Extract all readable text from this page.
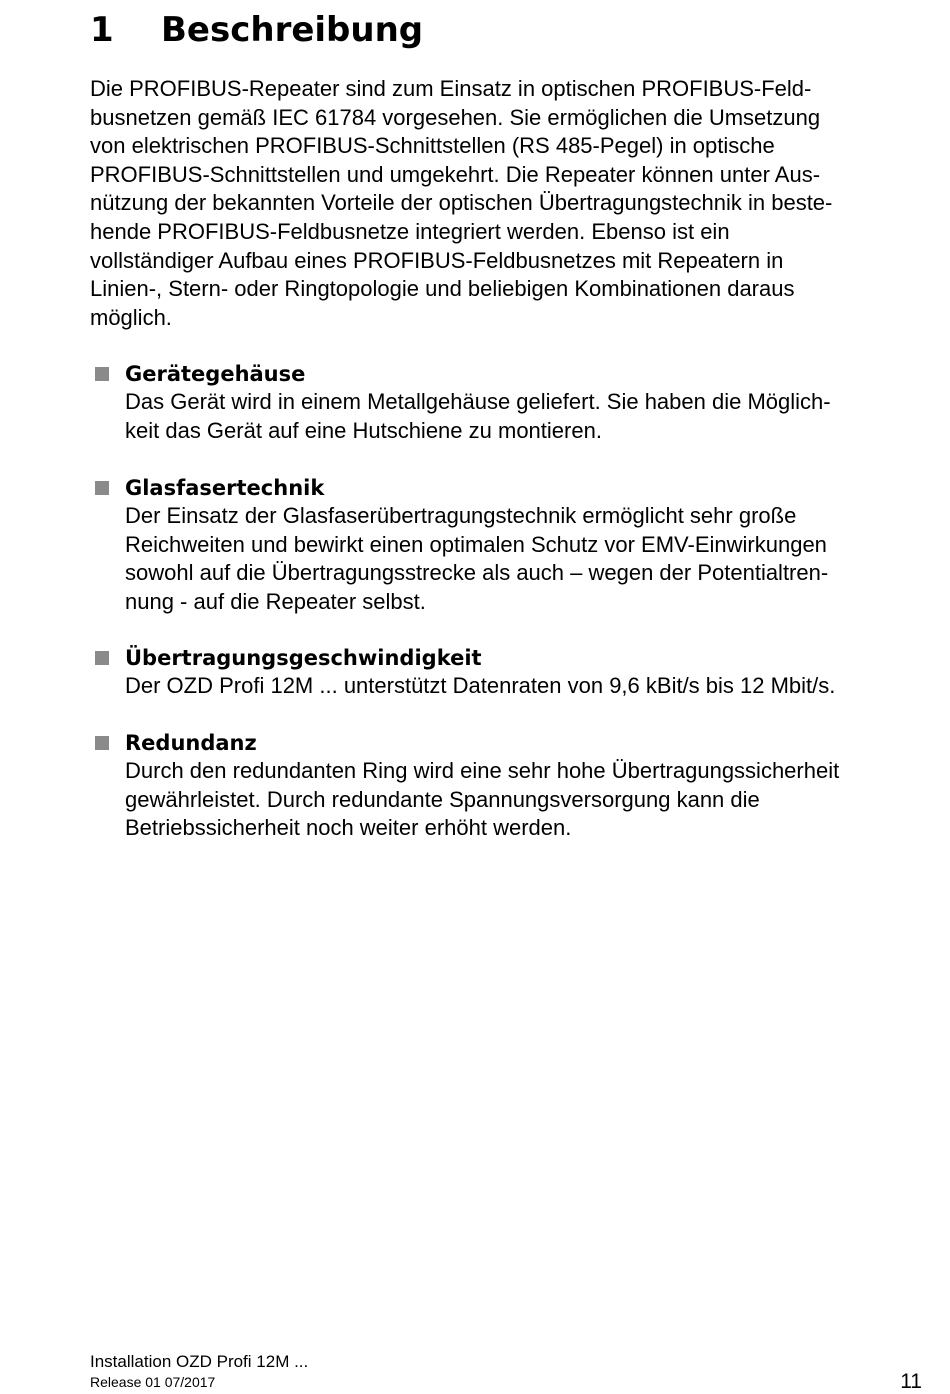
1 Beschreibung

Die PROFIBUS-Repeater sind zum Einsatz in optischen PROFIBUS-Feld-
busnetzen gemäß IEC 61784 vorgesehen. Sie ermöglichen die Umsetzung
von elektrischen PROFIBUS-Schnittstellen (RS 485-Pegel) in optische
PROFIBUS-Schnittstellen und umgekehrt. Die Repeater können unter Aus-
nützung der bekannten Vorteile der optischen Übertragungstechnik in beste-
hende PROFIBUS-Feldbusnetze integriert werden. Ebenso ist ein
vollständiger Aufbau eines PROFIBUS-Feldbusnetzes mit Repeatern in
Linien-, Stern- oder Ringtopologie und beliebigen Kombinationen daraus
möglich.

Gerätegehäuse

Das Gerät wird in einem Metallgehäuse geliefert. Sie haben die Möglich-
keit das Gerät auf eine Hutschiene zu montieren.

Glasfasertechnik

Der Einsatz der Glasfaserübertragungstechnik ermöglicht sehr große
Reichweiten und bewirkt einen optimalen Schutz vor EMV-Einwirkungen
sowohl auf die Übertragungsstrecke als auch – wegen der Potentialtren-
nung - auf die Repeater selbst.

Übertragungsgeschwindigkeit

Der OZD Profi 12M ... unterstützt Datenraten von 9,6 kBit/s bis 12 Mbit/s.

Redundanz

Durch den redundanten Ring wird eine sehr hohe Übertragungssicherheit
gewährleistet. Durch redundante Spannungsversorgung kann die
Betriebssicherheit noch weiter erhöht werden.

Installation OZD Profi 12M ...
Release 01 07/2017	11
